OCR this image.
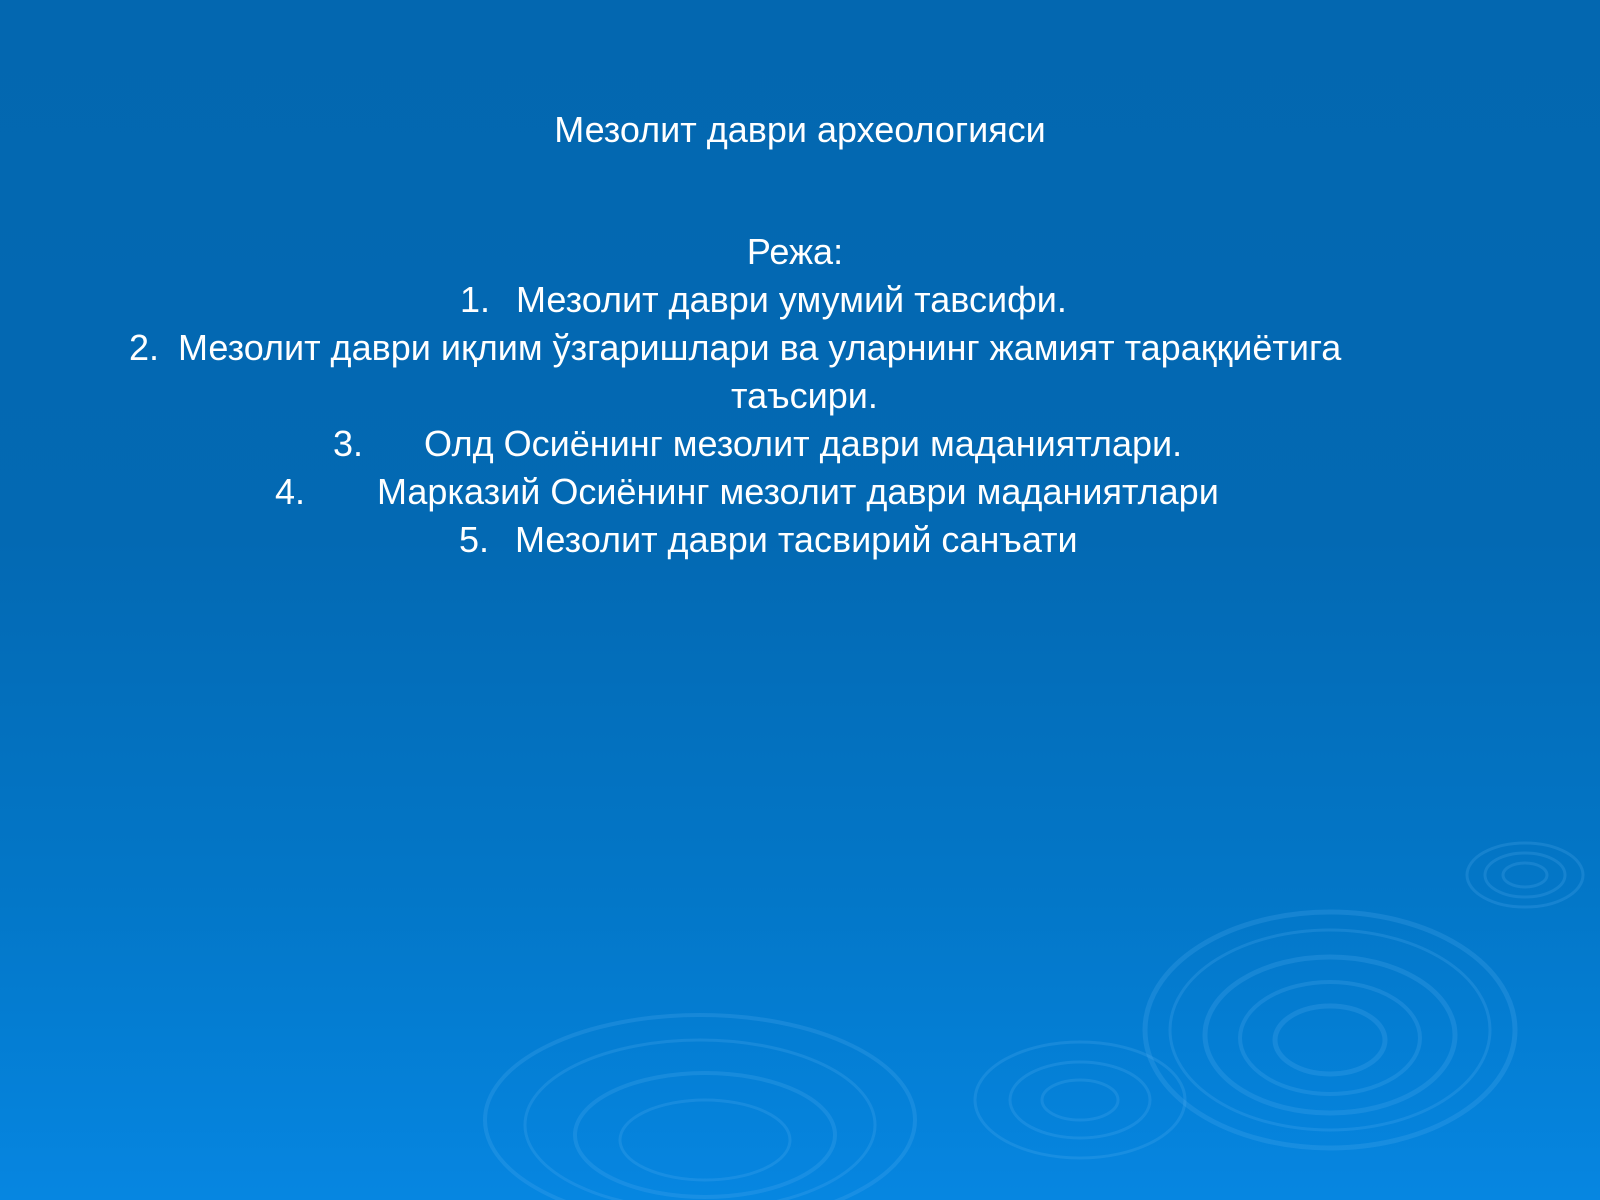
Мезолит даври археологияси
Режа:
1. Мезолит даври умумий тавсифи.
2. Мезолит даври иқлим ўзгаришлари ва уларнинг жамият тараққиётига
таъсири.
3. Олд Осиёнинг мезолит даври маданиятлари.
4. Марказий Осиёнинг мезолит даври маданиятлари
5. Мезолит даври тасвирий санъати
